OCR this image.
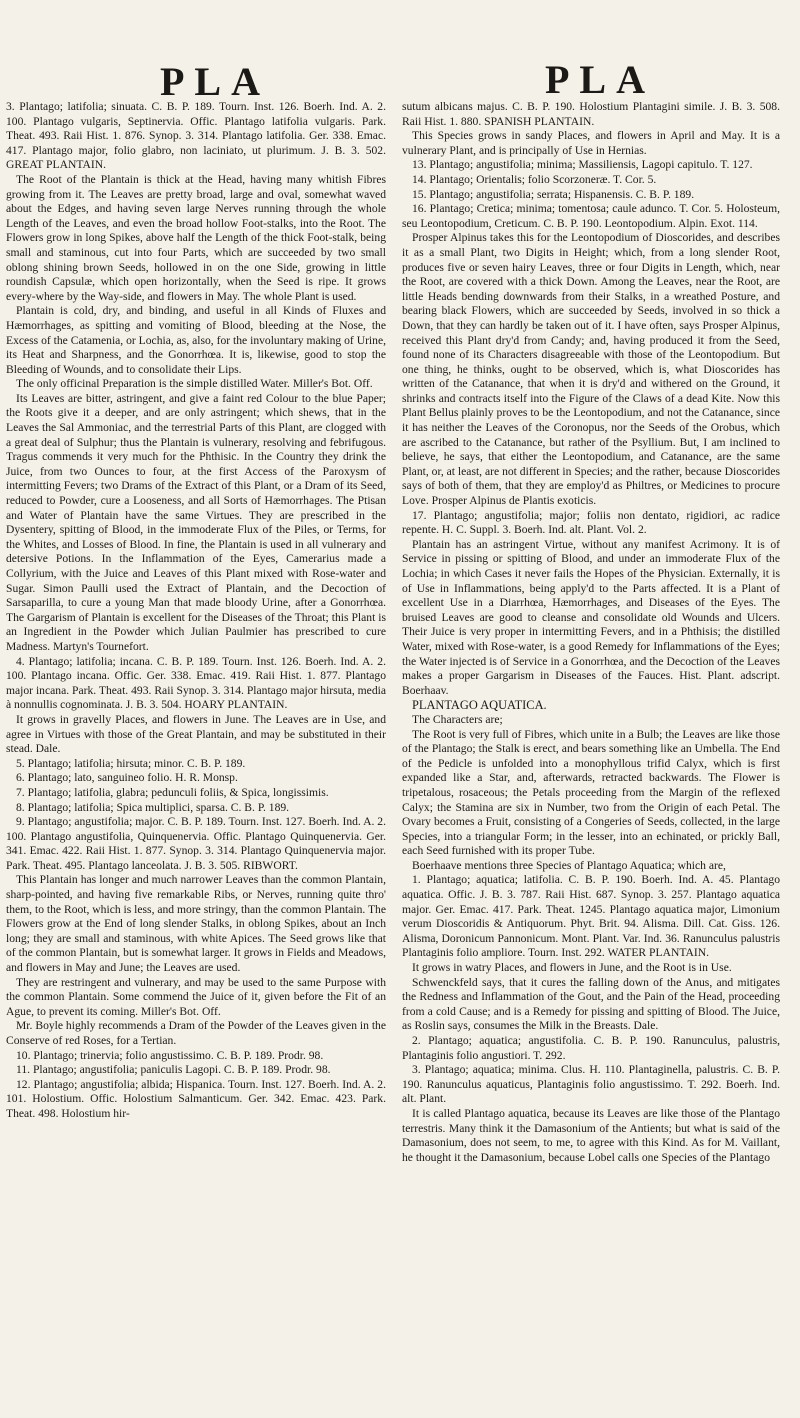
PLA	PLA

3. Plantago; latifolia; sinuata. C. B. P. 189. Tourn. Inst. 126. Boerh. Ind. A. 2. 100. Plantago vulgaris, Septinervia. Offic. Plantago latifolia vulgaris. Park. Theat. 493. Raii Hist. 1. 876. Synop. 3. 314. Plantago latifolia. Ger. 338. Emac. 417. Plantago major, folio glabro, non laciniato, ut plurimum. J. B. 3. 502. GREAT PLANTAIN.

The Root of the Plantain is thick at the Head, having many whitish Fibres growing from it. The Leaves are pretty broad, large and oval, somewhat waved about the Edges, and having seven large Nerves running through the whole Length of the Leaves, and even the broad hollow Foot-stalks, into the Root. The Flowers grow in long Spikes, above half the Length of the thick Foot-stalk, being small and staminous, cut into four Parts, which are succeeded by two small oblong shining brown Seeds, hollowed in on the one Side, growing in little roundish Capsulæ, which open horizontally, when the Seed is ripe. It grows every-where by the Way-side, and flowers in May. The whole Plant is used.

Plantain is cold, dry, and binding, and useful in all Kinds of Fluxes and Hæmorrhages, as spitting and vomiting of Blood, bleeding at the Nose, the Excess of the Catamenia, or Lochia, as, also, for the involuntary making of Urine, its Heat and Sharpness, and the Gonorrhœa. It is, likewise, good to stop the Bleeding of Wounds, and to consolidate their Lips.

The only officinal Preparation is the simple distilled Water. Miller's Bot. Off.

Its Leaves are bitter, astringent, and give a faint red Colour to the blue Paper; the Roots give it a deeper, and are only astringent; which shews, that in the Leaves the Sal Ammoniac, and the terrestrial Parts of this Plant, are clogged with a great deal of Sulphur; thus the Plantain is vulnerary, resolving and febrifugous. Tragus commends it very much for the Phthisic. In the Country they drink the Juice, from two Ounces to four, at the first Access of the Paroxysm of intermitting Fevers; two Drams of the Extract of this Plant, or a Dram of its Seed, reduced to Powder, cure a Looseness, and all Sorts of Hæmorrhages. The Ptisan and Water of Plantain have the same Virtues. They are prescribed in the Dysentery, spitting of Blood, in the immoderate Flux of the Piles, or Terms, for the Whites, and Losses of Blood. In fine, the Plantain is used in all vulnerary and detersive Potions. In the Inflammation of the Eyes, Camerarius made a Collyrium, with the Juice and Leaves of this Plant mixed with Rose-water and Sugar. Simon Paulli used the Extract of Plantain, and the Decoction of Sarsaparilla, to cure a young Man that made bloody Urine, after a Gonorrhœa. The Gargarism of Plantain is excellent for the Diseases of the Throat; this Plant is an Ingredient in the Powder which Julian Paulmier has prescribed to cure Madness. Martyn's Tournefort.

4. Plantago; latifolia; incana. C. B. P. 189. Tourn. Inst. 126. Boerh. Ind. A. 2. 100. Plantago incana. Offic. Ger. 338. Emac. 419. Raii Hist. 1. 877. Plantago major incana. Park. Theat. 493. Raii Synop. 3. 314. Plantago major hirsuta, media à nonnullis cognominata. J. B. 3. 504. HOARY PLANTAIN.

It grows in gravelly Places, and flowers in June. The Leaves are in Use, and agree in Virtues with those of the Great Plantain, and may be substituted in their stead. Dale.

5. Plantago; latifolia; hirsuta; minor. C. B. P. 189.

6. Plantago; lato, sanguineo folio. H. R. Monsp.

7. Plantago; latifolia, glabra; pedunculi foliis, & Spica, longissimis.

8. Plantago; latifolia; Spica multiplici, sparsa. C. B. P. 189.

9. Plantago; angustifolia; major. C. B. P. 189. Tourn. Inst. 127. Boerh. Ind. A. 2. 100. Plantago angustifolia, Quinquenervia. Offic. Plantago Quinquenervia. Ger. 341. Emac. 422. Raii Hist. 1. 877. Synop. 3. 314. Plantago Quinquenervia major. Park. Theat. 495. Plantago lanceolata. J. B. 3. 505. RIBWORT.

This Plantain has longer and much narrower Leaves than the common Plantain, sharp-pointed, and having five remarkable Ribs, or Nerves, running quite thro' them, to the Root, which is less, and more stringy, than the common Plantain. The Flowers grow at the End of long slender Stalks, in oblong Spikes, about an Inch long; they are small and staminous, with white Apices. The Seed grows like that of the common Plantain, but is somewhat larger. It grows in Fields and Meadows, and flowers in May and June; the Leaves are used.

They are restringent and vulnerary, and may be used to the same Purpose with the common Plantain. Some commend the Juice of it, given before the Fit of an Ague, to prevent its coming. Miller's Bot. Off.

Mr. Boyle highly recommends a Dram of the Powder of the Leaves given in the Conserve of red Roses, for a Tertian.

10. Plantago; trinervia; folio angustissimo. C. B. P. 189. Prodr. 98.

11. Plantago; angustifolia; paniculis Lagopi. C. B. P. 189. Prodr. 98.

12. Plantago; angustifolia; albida; Hispanica. Tourn. Inst. 127. Boerh. Ind. A. 2. 101. Holostium. Offic. Holostium Salmanticum. Ger. 342. Emac. 423. Park. Theat. 498. Holostium hir-

sutum albicans majus. C. B. P. 190. Holostium Plantagini simile. J. B. 3. 508. Raii Hist. 1. 880. SPANISH PLANTAIN.

This Species grows in sandy Places, and flowers in April and May. It is a vulnerary Plant, and is principally of Use in Hernias.

13. Plantago; angustifolia; minima; Massiliensis, Lagopi capitulo. T. 127.

14. Plantago; Orientalis; folio Scorzoneræ. T. Cor. 5.

15. Plantago; angustifolia; serrata; Hispanensis. C. B. P. 189.

16. Plantago; Cretica; minima; tomentosa; caule adunco. T. Cor. 5. Holosteum, seu Leontopodium, Creticum. C. B. P. 190. Leontopodium. Alpin. Exot. 114.

Prosper Alpinus takes this for the Leontopodium of Dioscorides, and describes it as a small Plant, two Digits in Height; which, from a long slender Root, produces five or seven hairy Leaves, three or four Digits in Length, which, near the Root, are covered with a thick Down. Among the Leaves, near the Root, are little Heads bending downwards from their Stalks, in a wreathed Posture, and bearing black Flowers, which are succeeded by Seeds, involved in so thick a Down, that they can hardly be taken out of it. I have often, says Prosper Alpinus, received this Plant dry'd from Candy; and, having produced it from the Seed, found none of its Characters disagreeable with those of the Leontopodium. But one thing, he thinks, ought to be observed, which is, what Dioscorides has written of the Catanance, that when it is dry'd and withered on the Ground, it shrinks and contracts itself into the Figure of the Claws of a dead Kite. Now this Plant Bellus plainly proves to be the Leontopodium, and not the Catanance, since it has neither the Leaves of the Coronopus, nor the Seeds of the Orobus, which are ascribed to the Catanance, but rather of the Psyllium. But, I am inclined to believe, he says, that either the Leontopodium, and Catanance, are the same Plant, or, at least, are not different in Species; and the rather, because Dioscorides says of both of them, that they are employ'd as Philtres, or Medicines to procure Love. Prosper Alpinus de Plantis exoticis.

17. Plantago; angustifolia; major; foliis non dentato, rigidiori, ac radice repente. H. C. Suppl. 3. Boerh. Ind. alt. Plant. Vol. 2.

Plantain has an astringent Virtue, without any manifest Acrimony. It is of Service in pissing or spitting of Blood, and under an immoderate Flux of the Lochia; in which Cases it never fails the Hopes of the Physician. Externally, it is of Use in Inflammations, being apply'd to the Parts affected. It is a Plant of excellent Use in a Diarrhœa, Hæmorrhages, and Diseases of the Eyes. The bruised Leaves are good to cleanse and consolidate old Wounds and Ulcers. Their Juice is very proper in intermitting Fevers, and in a Phthisis; the distilled Water, mixed with Rose-water, is a good Remedy for Inflammations of the Eyes; the Water injected is of Service in a Gonorrhœa, and the Decoction of the Leaves makes a proper Gargarism in Diseases of the Fauces. Hist. Plant. adscript. Boerhaav.

PLANTAGO AQUATICA.

The Characters are;

The Root is very full of Fibres, which unite in a Bulb; the Leaves are like those of the Plantago; the Stalk is erect, and bears something like an Umbella. The End of the Pedicle is unfolded into a monophyllous trifid Calyx, which is first expanded like a Star, and, afterwards, retracted backwards. The Flower is tripetalous, rosaceous; the Petals proceeding from the Margin of the reflexed Calyx; the Stamina are six in Number, two from the Origin of each Petal. The Ovary becomes a Fruit, consisting of a Congeries of Seeds, collected, in the large Species, into a triangular Form; in the lesser, into an echinated, or prickly Ball, each Seed furnished with its proper Tube.

Boerhaave mentions three Species of Plantago Aquatica; which are,

1. Plantago; aquatica; latifolia. C. B. P. 190. Boerh. Ind. A. 45. Plantago aquatica. Offic. J. B. 3. 787. Raii Hist. 687. Synop. 3. 257. Plantago aquatica major. Ger. Emac. 417. Park. Theat. 1245. Plantago aquatica major, Limonium verum Dioscoridis & Antiquorum. Phyt. Brit. 94. Alisma. Dill. Cat. Giss. 126. Alisma, Doronicum Pannonicum. Mont. Plant. Var. Ind. 36. Ranunculus palustris Plantaginis folio ampliore. Tourn. Inst. 292. WATER PLANTAIN.

It grows in watry Places, and flowers in June, and the Root is in Use.

Schwenckfeld says, that it cures the falling down of the Anus, and mitigates the Redness and Inflammation of the Gout, and the Pain of the Head, proceeding from a cold Cause; and is a Remedy for pissing and spitting of Blood. The Juice, as Roslin says, consumes the Milk in the Breasts. Dale.

2. Plantago; aquatica; angustifolia. C. B. P. 190. Ranunculus, palustris, Plantaginis folio angustiori. T. 292.

3. Plantago; aquatica; minima. Clus. H. 110. Plantaginella, palustris. C. B. P. 190. Ranunculus aquaticus, Plantaginis folio angustissimo. T. 292. Boerh. Ind. alt. Plant.

It is called Plantago aquatica, because its Leaves are like those of the Plantago terrestris. Many think it the Damasonium of the Antients; but what is said of the Damasonium, does not seem, to me, to agree with this Kind. As for M. Vaillant, he thought it the Damasonium, because Lobel calls one Species of the Plantago
